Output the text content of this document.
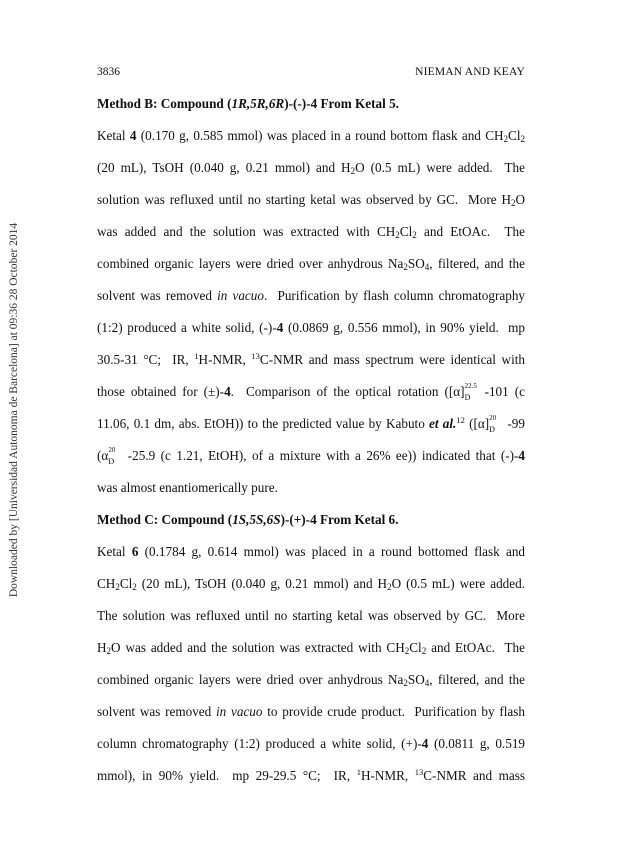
Downloaded by [Universidad Autonoma de Barcelona] at 09:36 28 October 2014
3836	NIEMAN AND KEAY
Method B: Compound (1R,5R,6R)-(-)-4 From Ketal 5.
Ketal 4 (0.170 g, 0.585 mmol) was placed in a round bottom flask and $CH_2Cl_2$
(20 mL), TsOH (0.040 g, 0.21 mmol) and $H_2O$ (0.5 mL) were added.  The
solution was refluxed until no starting ketal was observed by GC.  More $H_2O$
was added and the solution was extracted with $CH_2Cl_2$ and EtOAc.  The
combined organic layers were dried over anhydrous $Na_2SO_4$, filtered, and the
solvent was removed in vacuo.  Purification by flash column chromatography
(1:2) produced a white solid, (-)-4 (0.0869 g, 0.556 mmol), in 90% yield.  mp
30.5-31 °C;  IR, $^1$H-NMR, $^{13}$C-NMR and mass spectrum were identical with
those obtained for (±)-4.  Comparison of the optical rotation ([α] 22.5
D -101 (c
11.06, 0.1 dm, abs. EtOH)) to the predicted value by Kabuto et al.$^{12}$ ([α] 20
D -99
(α 20
D -25.9 (c 1.21, EtOH), of a mixture with a 26% ee)) indicated that (-)-4
was almost enantiomerically pure.
Method C: Compound (1S,5S,6S)-(+)-4 From Ketal 6.
Ketal 6 (0.1784 g, 0.614 mmol) was placed in a round bottomed flask and
$CH_2Cl_2$ (20 mL), TsOH (0.040 g, 0.21 mmol) and $H_2O$ (0.5 mL) were added.
The solution was refluxed until no starting ketal was observed by GC.  More
$H_2O$ was added and the solution was extracted with $CH_2Cl_2$ and EtOAc.  The
combined organic layers were dried over anhydrous $Na_2SO_4$, filtered, and the
solvent was removed in vacuo to provide crude product.  Purification by flash
column chromatography (1:2) produced a white solid, (+)-4 (0.0811 g, 0.519
mmol), in 90% yield.  mp 29-29.5 °C;  IR, $^1$H-NMR, $^{13}$C-NMR and mass
